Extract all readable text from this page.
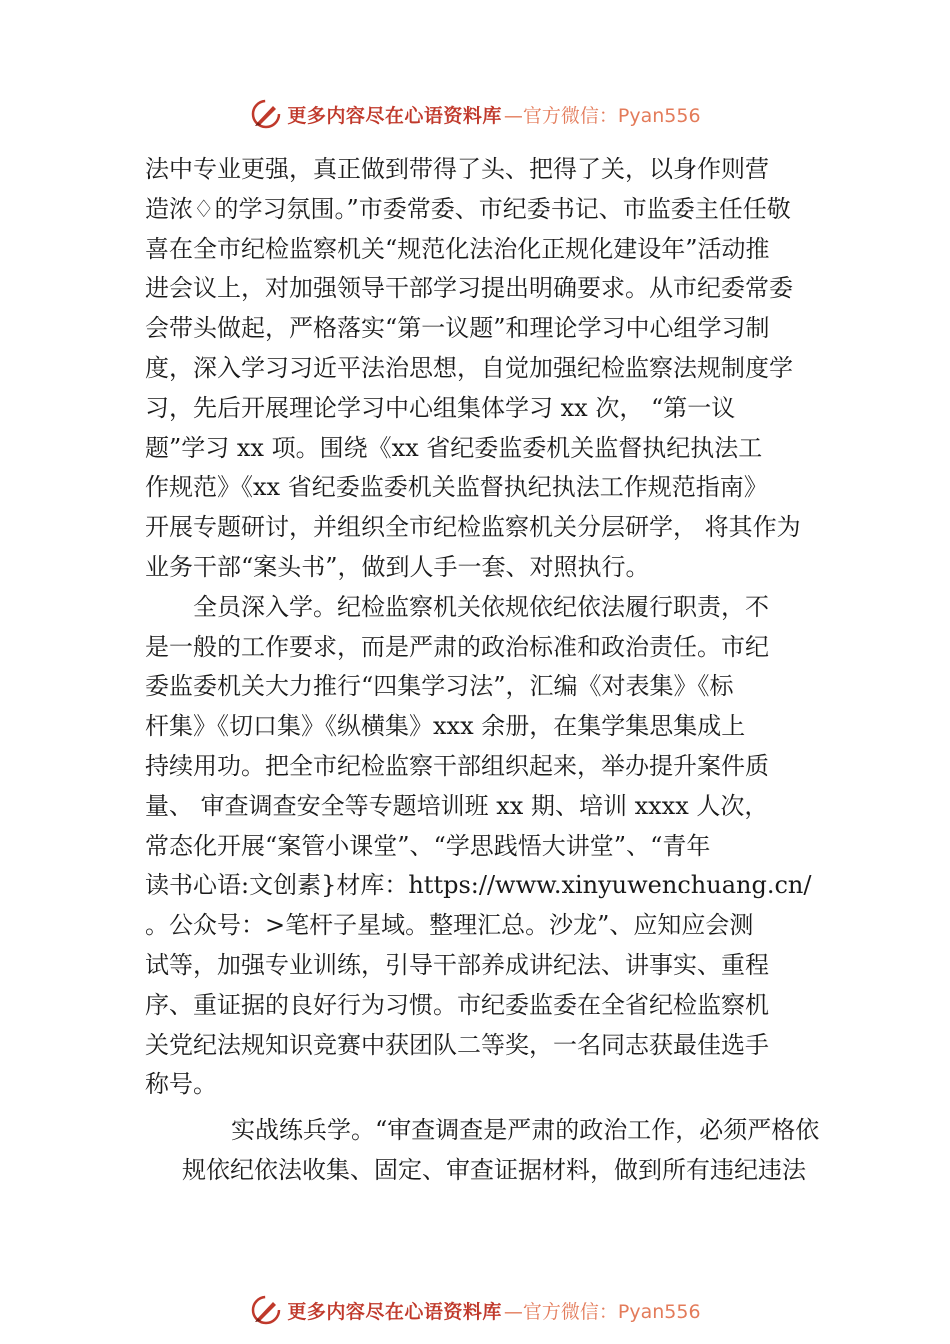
更多内容尽在心语资料库 —官方微信：Pyan556
法中专业更强，真正做到带得了头、把得了关，以身作则营
造浓♢的学习氛围。”市委常委、市纪委书记、市监委主任任敬
喜在全市纪检监察机关“规范化法治化正规化建设年”活动推
进会议上，对加强领导干部学习提出明确要求。从市纪委常委
会带头做起，严格落实“第一议题”和理论学习中心组学习制
度，深入学习习近平法治思想，自觉加强纪检监察法规制度学
习，先后开展理论学习中心组集体学习 xx 次， “第一议
题”学习 xx 项。围绕《xx 省纪委监委机关监督执纪执法工
作规范》《xx 省纪委监委机关监督执纪执法工作规范指南》
开展专题研讨，并组织全市纪检监察机关分层研学， 将其作为
业务干部“案头书”，做到人手一套、对照执行。
全员深入学。纪检监察机关依规依纪依法履行职责，不
是一般的工作要求，而是严肃的政治标准和政治责任。市纪
委监委机关大力推行“四集学习法”，汇编《对表集》《标
杆集》《切口集》《纵横集》xxx 余册，在集学集思集成上
持续用功。把全市纪检监察干部组织起来，举办提升案件质
量、 审查调查安全等专题培训班 xx 期、培训 xxxx 人次，
常态化开展“案管小课堂”、“学思践悟大讲堂”、“青年
读书心语:文创素}材库：https://www.xinyuwenchuang.cn/
。公众号：>笔杆子星域。整理汇总。沙龙”、应知应会测
试等，加强专业训练，引导干部养成讲纪法、讲事实、重程
序、重证据的良好行为习惯。市纪委监委在全省纪检监察机
关党纪法规知识竞赛中获团队二等奖，一名同志获最佳选手
称号。
实战练兵学。“审查调查是严肃的政治工作，必须严格依
规依纪依法收集、固定、审查证据材料，做到所有违纪违法
更多内容尽在心语资料库 —官方微信：Pyan556
